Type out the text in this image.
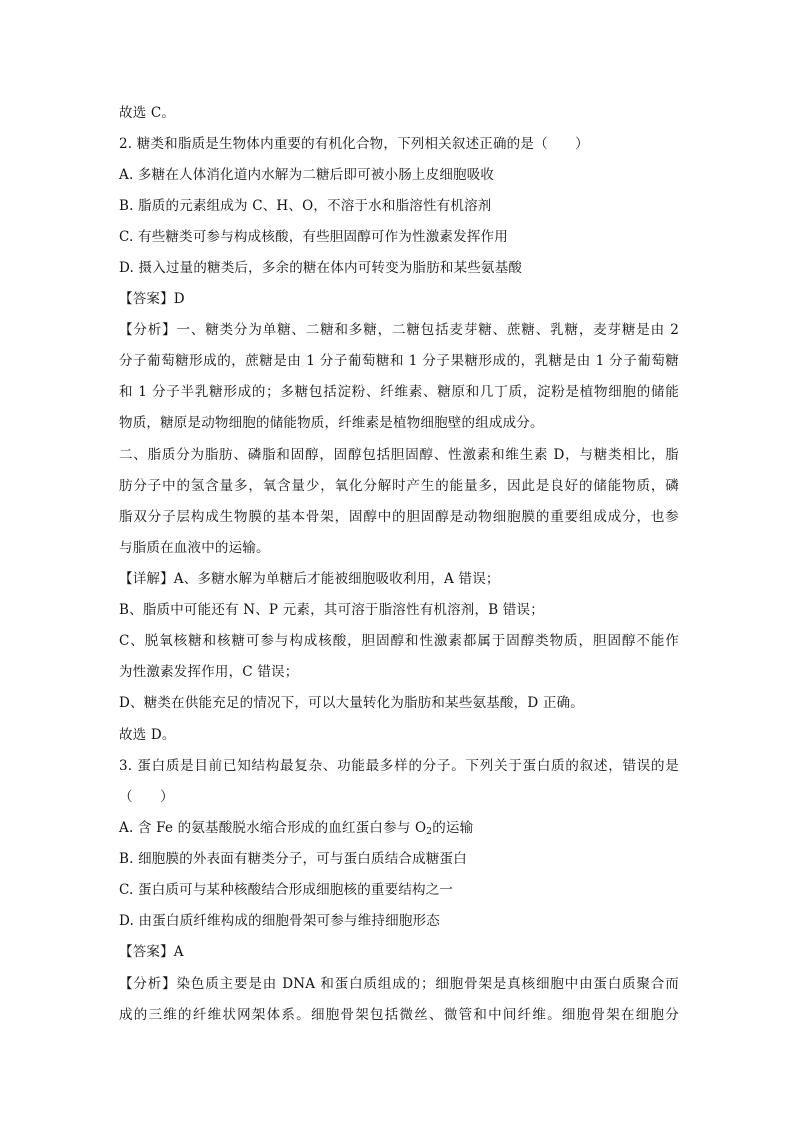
故选 C。
2. 糖类和脂质是生物体内重要的有机化合物，下列相关叙述正确的是（　　）
A. 多糖在人体消化道内水解为二糖后即可被小肠上皮细胞吸收
B. 脂质的元素组成为 C、H、O，不溶于水和脂溶性有机溶剂
C. 有些糖类可参与构成核酸，有些胆固醇可作为性激素发挥作用
D. 摄入过量的糖类后，多余的糖在体内可转变为脂肪和某些氨基酸
【答案】D
【分析】一、糖类分为单糖、二糖和多糖，二糖包括麦芽糖、蔗糖、乳糖，麦芽糖是由 2
分子葡萄糖形成的，蔗糖是由 1 分子葡萄糖和 1 分子果糖形成的，乳糖是由 1 分子葡萄糖
和 1 分子半乳糖形成的；多糖包括淀粉、纤维素、糖原和几丁质，淀粉是植物细胞的储能
物质，糖原是动物细胞的储能物质，纤维素是植物细胞壁的组成成分。
二、脂质分为脂肪、磷脂和固醇，固醇包括胆固醇、性激素和维生素 D，与糖类相比，脂
肪分子中的氢含量多，氧含量少，氧化分解时产生的能量多，因此是良好的储能物质，磷
脂双分子层构成生物膜的基本骨架，固醇中的胆固醇是动物细胞膜的重要组成成分，也参
与脂质在血液中的运输。
【详解】A、多糖水解为单糖后才能被细胞吸收利用，A 错误；
B、脂质中可能还有 N、P 元素，其可溶于脂溶性有机溶剂，B 错误；
C、脱氧核糖和核糖可参与构成核酸，胆固醇和性激素都属于固醇类物质，胆固醇不能作
为性激素发挥作用，C 错误；
D、糖类在供能充足的情况下，可以大量转化为脂肪和某些氨基酸，D 正确。
故选 D。
3. 蛋白质是目前已知结构最复杂、功能最多样的分子。下列关于蛋白质的叙述，错误的是
（　　）
A. 含 Fe 的氨基酸脱水缩合形成的血红蛋白参与 $O_2$的运输
B. 细胞膜的外表面有糖类分子，可与蛋白质结合成糖蛋白
C. 蛋白质可与某种核酸结合形成细胞核的重要结构之一
D. 由蛋白质纤维构成的细胞骨架可参与维持细胞形态
【答案】A
【分析】染色质主要是由 DNA 和蛋白质组成的；细胞骨架是真核细胞中由蛋白质聚合而
成的三维的纤维状网架体系。细胞骨架包括微丝、微管和中间纤维。细胞骨架在细胞分
